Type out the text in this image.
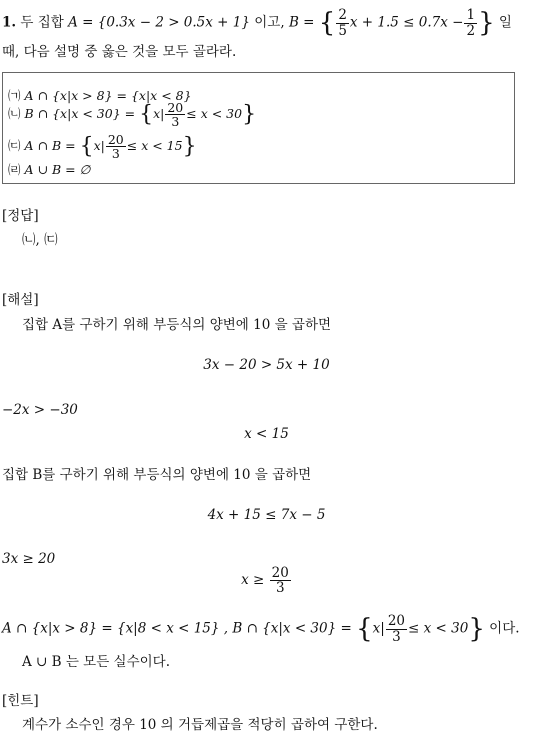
1. 두 집합 A = {0.3x − 2 > 0.5x + 1} 이고, B = { $\frac{2}{5}$ $x + 1.5 \le 0.7x - \frac{1}{2}$ } 일
때, 다음 설명 중 옳은 것을 모두 골라라.
㈀ A ∩ {x|x > 8} = {x|x < 8}
㈁ B ∩ $\{x|x < 30\} = \{x| \frac{20}{3} \le x < 30\}$
㈂ A ∩ $B = \{x| \frac{20}{3} \le x < 15\}$
㈃ A ∪ B = ∅
[정답]
㈁, ㈂
[해설]
집합 A를 구하기 위해 부등식의 양변에 10 을 곱하면
3x − 20 > 5x + 10
−2x > −30
x < 15
집합 B를 구하기 위해 부등식의 양변에 10 을 곱하면
4x + 15 ≤ 7x − 5
3x ≥ 20
$x \ge \frac{20}{3}$
A ∩ {x|x > 8} = {x|8 < x < 15} , B ∩ $\{x|x < 30\} = \{x| \frac{20}{3} \le x < 30\}$ 이다.
A ∪ B 는 모든 실수이다.
[힌트]
계수가 소수인 경우 10 의 거듭제곱을 적당히 곱하여 구한다.
